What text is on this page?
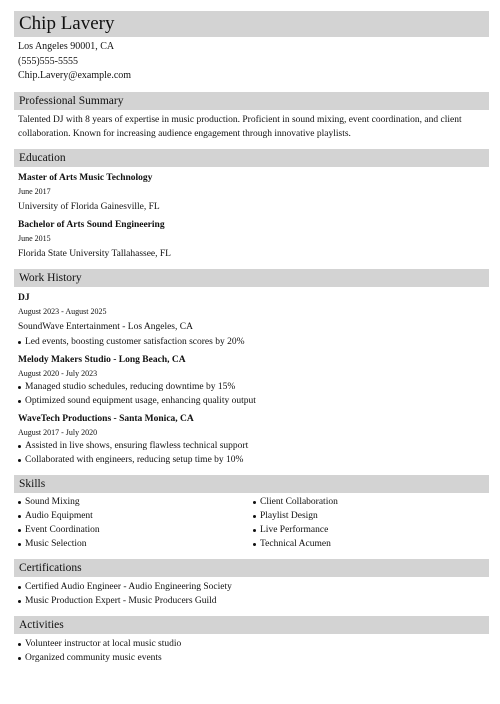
Chip Lavery
Los Angeles 90001, CA
(555)555-5555
Chip.Lavery@example.com
Professional Summary
Talented DJ with 8 years of expertise in music production. Proficient in sound mixing, event coordination, and client collaboration. Known for increasing audience engagement through innovative playlists.
Education
Master of Arts Music Technology
June 2017
University of Florida Gainesville, FL
Bachelor of Arts Sound Engineering
June 2015
Florida State University Tallahassee, FL
Work History
DJ
August 2023 - August 2025
SoundWave Entertainment - Los Angeles, CA
Led events, boosting customer satisfaction scores by 20%
Melody Makers Studio - Long Beach, CA
August 2020 - July 2023
Managed studio schedules, reducing downtime by 15%
Optimized sound equipment usage, enhancing quality output
WaveTech Productions - Santa Monica, CA
August 2017 - July 2020
Assisted in live shows, ensuring flawless technical support
Collaborated with engineers, reducing setup time by 10%
Skills
Sound Mixing
Audio Equipment
Event Coordination
Music Selection
Client Collaboration
Playlist Design
Live Performance
Technical Acumen
Certifications
Certified Audio Engineer - Audio Engineering Society
Music Production Expert - Music Producers Guild
Activities
Volunteer instructor at local music studio
Organized community music events
